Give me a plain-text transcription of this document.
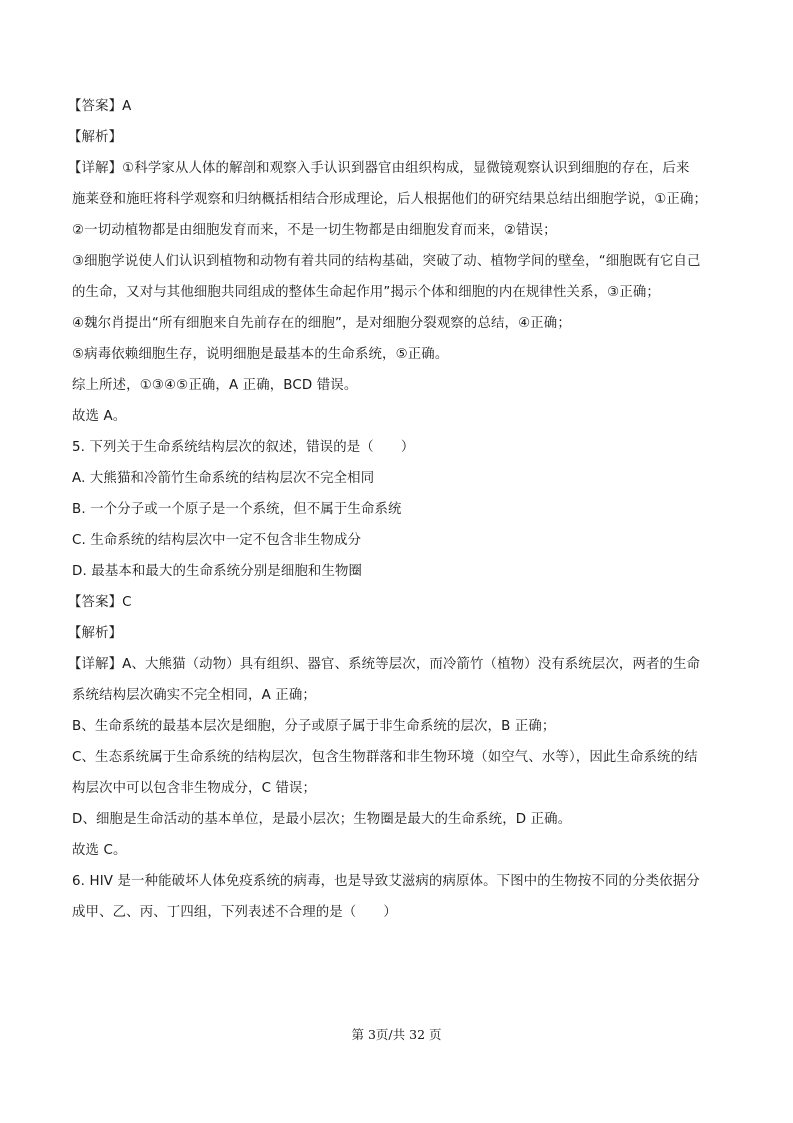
【答案】A
【解析】
【详解】①科学家从人体的解剖和观察入手认识到器官由组织构成，显微镜观察认识到细胞的存在，后来
施莱登和施旺将科学观察和归纳概括相结合形成理论，后人根据他们的研究结果总结出细胞学说，①正确；
②一切动植物都是由细胞发育而来，不是一切生物都是由细胞发育而来，②错误；
③细胞学说使人们认识到植物和动物有着共同的结构基础，突破了动、植物学间的壁垒，“细胞既有它自己
的生命，又对与其他细胞共同组成的整体生命起作用”揭示个体和细胞的内在规律性关系，③正确；
④魏尔肖提出“所有细胞来自先前存在的细胞”，是对细胞分裂观察的总结，④正确；
⑤病毒依赖细胞生存，说明细胞是最基本的生命系统，⑤正确。
综上所述，①③④⑤正确，A 正确，BCD 错误。
故选 A。
5. 下列关于生命系统结构层次的叙述，错误的是（　　）
A. 大熊猫和冷箭竹生命系统的结构层次不完全相同
B. 一个分子或一个原子是一个系统，但不属于生命系统
C. 生命系统的结构层次中一定不包含非生物成分
D. 最基本和最大的生命系统分别是细胞和生物圈
【答案】C
【解析】
【详解】A、大熊猫（动物）具有组织、器官、系统等层次，而冷箭竹（植物）没有系统层次，两者的生命
系统结构层次确实不完全相同，A 正确；
B、生命系统的最基本层次是细胞，分子或原子属于非生命系统的层次，B 正确；
C、生态系统属于生命系统的结构层次，包含生物群落和非生物环境（如空气、水等），因此生命系统的结
构层次中可以包含非生物成分，C 错误；
D、细胞是生命活动的基本单位，是最小层次；生物圈是最大的生命系统，D 正确。
故选 C。
6. HIV 是一种能破坏人体免疫系统的病毒，也是导致艾滋病的病原体。下图中的生物按不同的分类依据分
成甲、乙、丙、丁四组，下列表述不合理的是（　　）
第 3页/共 32 页
